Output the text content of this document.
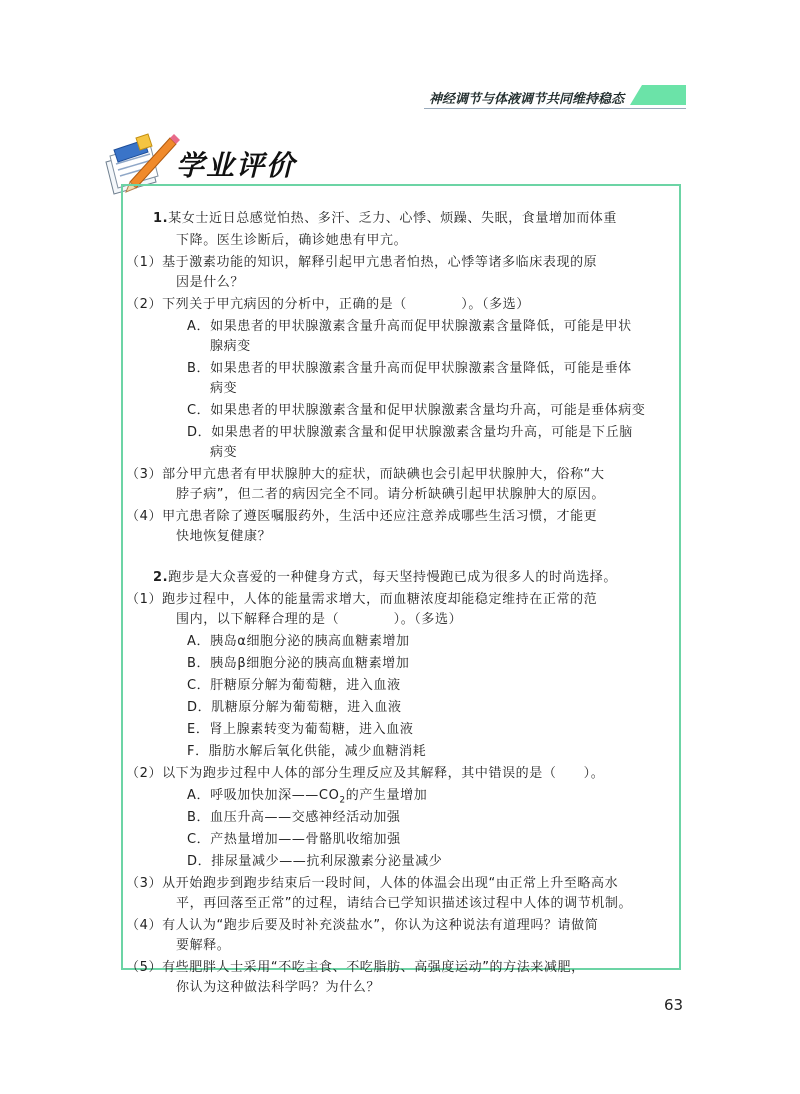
神经调节与体液调节共同维持稳态
学业评价
1.某女士近日总感觉怕热、多汗、乏力、心悸、烦躁、失眠，食量增加而体重
下降。医生诊断后，确诊她患有甲亢。
（1）基于激素功能的知识，解释引起甲亢患者怕热，心悸等诸多临床表现的原
因是什么？
（2）下列关于甲亢病因的分析中，正确的是（　　　　）。（多选）
A．如果患者的甲状腺激素含量升高而促甲状腺激素含量降低，可能是甲状
腺病变
B．如果患者的甲状腺激素含量升高而促甲状腺激素含量降低，可能是垂体
病变
C．如果患者的甲状腺激素含量和促甲状腺激素含量均升高，可能是垂体病变
D．如果患者的甲状腺激素含量和促甲状腺激素含量均升高，可能是下丘脑
病变
（3）部分甲亢患者有甲状腺肿大的症状，而缺碘也会引起甲状腺肿大，俗称“大
脖子病”，但二者的病因完全不同。请分析缺碘引起甲状腺肿大的原因。
（4）甲亢患者除了遵医嘱服药外，生活中还应注意养成哪些生活习惯，才能更
快地恢复健康？
2.跑步是大众喜爱的一种健身方式，每天坚持慢跑已成为很多人的时尚选择。
（1）跑步过程中，人体的能量需求增大，而血糖浓度却能稳定维持在正常的范
围内，以下解释合理的是（　　　　）。（多选）
A．胰岛α细胞分泌的胰高血糖素增加
B．胰岛β细胞分泌的胰高血糖素增加
C．肝糖原分解为葡萄糖，进入血液
D．肌糖原分解为葡萄糖，进入血液
E．肾上腺素转变为葡萄糖，进入血液
F．脂肪水解后氧化供能，减少血糖消耗
（2）以下为跑步过程中人体的部分生理反应及其解释，其中错误的是（　　）。
A．呼吸加快加深$——CO_2$的产生量增加
B．血压升高——交感神经活动加强
C．产热量增加——骨骼肌收缩加强
D．排尿量减少——抗利尿激素分泌量减少
（3）从开始跑步到跑步结束后一段时间，人体的体温会出现“由正常上升至略高水
平，再回落至正常”的过程，请结合已学知识描述该过程中人体的调节机制。
（4）有人认为“跑步后要及时补充淡盐水”，你认为这种说法有道理吗？请做简
要解释。
（5）有些肥胖人士采用“不吃主食、不吃脂肪、高强度运动”的方法来减肥，
你认为这种做法科学吗？为什么？
63
